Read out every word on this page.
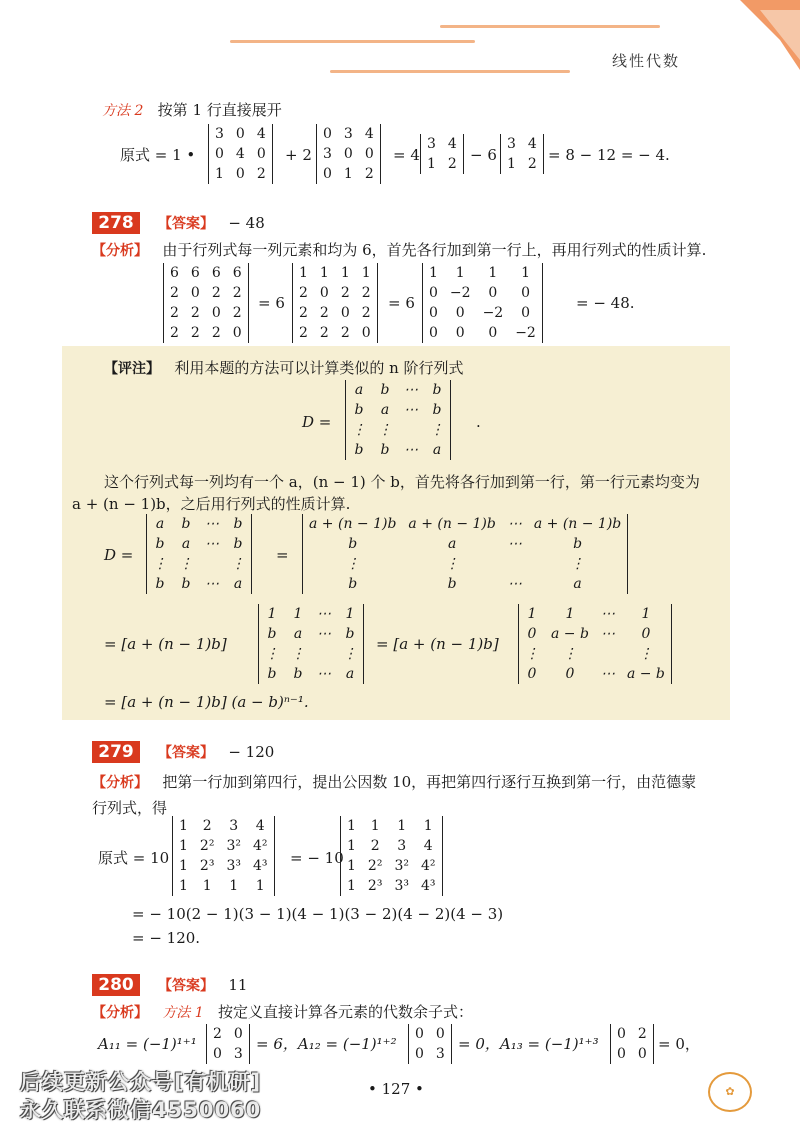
线性代数
方法 2 按第 1 行直接展开
原式 = 1 •
3	0	4
0	4	0
1	0	2
+ 2
0	3	4
3	0	0
0	1	2
= 4
3	4
1	2 − 6
3	4
1	2 = 8 − 12 = − 4.
278	【答案】 − 48
【分析】 由于行列式每一列元素和均为 6，首先各行加到第一行上，再用行列式的性质计算.
6	6	6	6
2	0	2	2
2	2	0	2
2	2	2	0
= 6
1	1	1	1
2	0	2	2
2	2	0	2
2	2	2	0
= 6
1	1	1	1
0	−2	0	0
0	0	−2	0
0	0	0	−2
= − 48.
【评注】 利用本题的方法可以计算类似的 n 阶行列式
D =
a	b	⋯	b
b	a	⋯	b
⋮	⋮		⋮
b	b	⋯	a
.
这个行列式每一列均有一个 a，(n − 1) 个 b，首先将各行加到第一行，第一行元素均变为
a + (n − 1)b，之后用行列式的性质计算.
D =
a	b	⋯	b
b	a	⋯	b
⋮	⋮		⋮
b	b	⋯	a
=
a + (n − 1)b	a + (n − 1)b	⋯	a + (n − 1)b
b	a	⋯	b
⋮	⋮		⋮
b	b	⋯	a
= [a + (n − 1)b]
1	1	⋯	1
b	a	⋯	b
⋮	⋮		⋮
b	b	⋯	a
= [a + (n − 1)b]
1	1	⋯	1
0	a − b	⋯	0
⋮	⋮		⋮
0	0	⋯	a − b
= [a + (n − 1)b] (a − b)ⁿ⁻¹.
279	【答案】 − 120
【分析】 把第一行加到第四行，提出公因数 10，再把第四行逐行互换到第一行，由范德蒙
行列式，得
原式 = 10
1	2	3	4
1	2²	3²	4²
1	2³	3³	4³
1	1	1	1
= − 10
1	1	1	1
1	2	3	4
1	2²	3²	4²
1	2³	3³	4³
= − 10(2 − 1)(3 − 1)(4 − 1)(3 − 2)(4 − 2)(4 − 3)
= − 120.
280	【答案】 11
【分析】 方法 1 按定义直接计算各元素的代数余子式：
A₁₁ = (−1)¹⁺¹
2	0
0	3
= 6，A₁₂ = (−1)¹⁺²
0	0
0	3
= 0，A₁₃ = (−1)¹⁺³
0	2
0	0
= 0，
• 127 •
后续更新公众号[有机研]
永久联系微信4550060
✿
